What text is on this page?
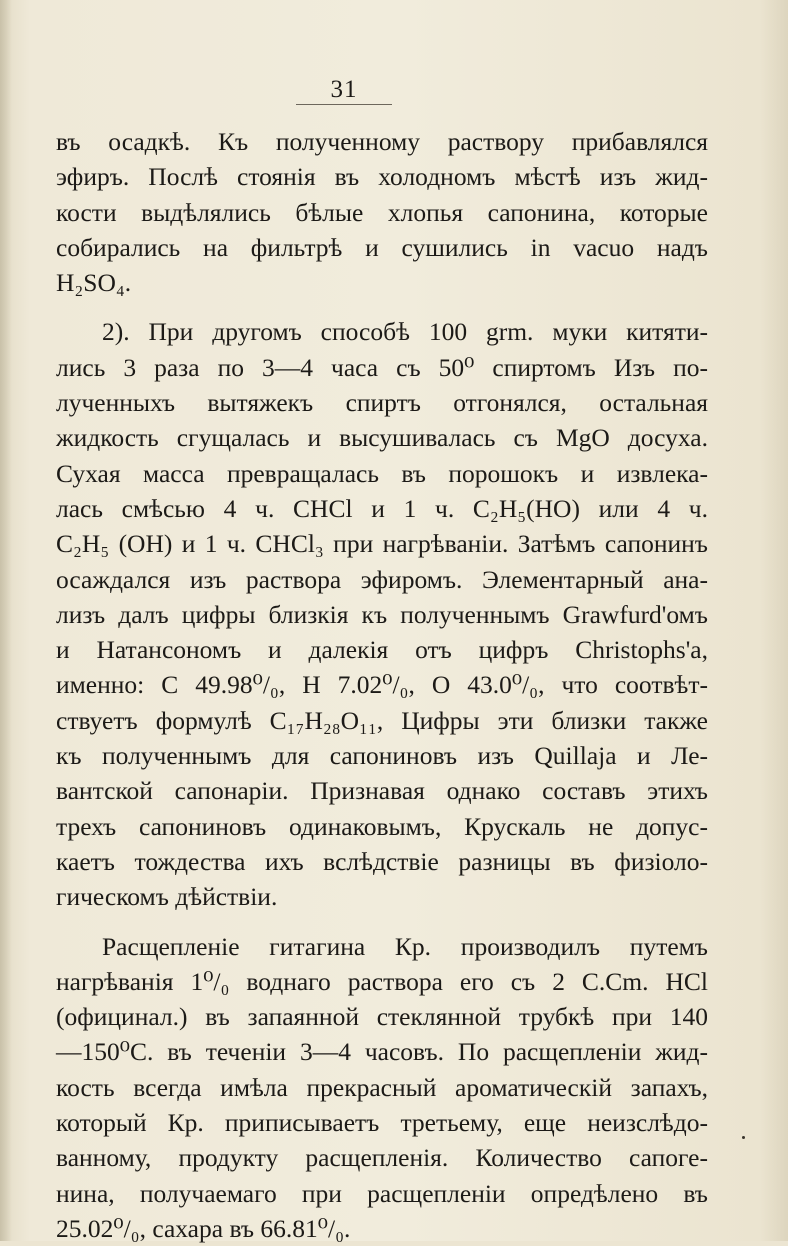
31
въ осадкѣ. Къ полученному раствору прибавлялся
эфиръ. Послѣ стоянія въ холодномъ мѣстѣ изъ жид-
кости выдѣлялись бѣлые хлопья сапонина, которые
собирались на фильтрѣ и сушились in vacuo надъ
H₂SO₄.
2). При другомъ способѣ 100 grm. муки китяти-
лись 3 раза по 3—4 часа съ 50⁰ спиртомъ Изъ по-
лученныхъ вытяжекъ спиртъ отгонялся, остальная
жидкость сгущалась и высушивалась съ MgO досуха.
Сухая масса превращалась въ порошокъ и извлека-
лась смѣсью 4 ч. CHCl и 1 ч. C₂H₅(HO) или 4 ч.
C₂H₅ (OH) и 1 ч. CHCl₃ при нагрѣваніи. Затѣмъ сапонинъ
осаждался изъ раствора эфиромъ. Элементарный ана-
лизъ далъ цифры близкія къ полученнымъ Grawfurd'омъ
и Натансономъ и далекія отъ цифръ Christophs'a,
именно: C 49.98⁰/₀, H 7.02⁰/₀, O 43.0⁰/₀, что соотвѣт-
ствуетъ формулѣ C₁₇H₂₈O₁₁, Цифры эти близки также
къ полученнымъ для сапониновъ изъ Quillaja и Ле-
вантской сапонаріи. Признавая однако составъ этихъ
трехъ сапониновъ одинаковымъ, Крускаль не допус-
каетъ тождества ихъ вслѣдствіе разницы въ физіоло-
гическомъ дѣйствіи.
Расщепленіе гитагина Кр. производилъ путемъ
нагрѣванія 1⁰/₀ воднаго раствора его съ 2 C.Cm. HCl
(официнал.) въ запаянной стеклянной трубкѣ при 140
—150⁰C. въ теченіи 3—4 часовъ. По расщепленіи жид-
кость всегда имѣла прекрасный ароматическій запахъ,
который Кр. приписываетъ третьему, еще неизслѣдо-
ванному, продукту расщепленія. Количество сапоге-
нина, получаемаго при расщепленіи опредѣлено въ
25.02⁰/₀, сахара въ 66.81⁰/₀.
